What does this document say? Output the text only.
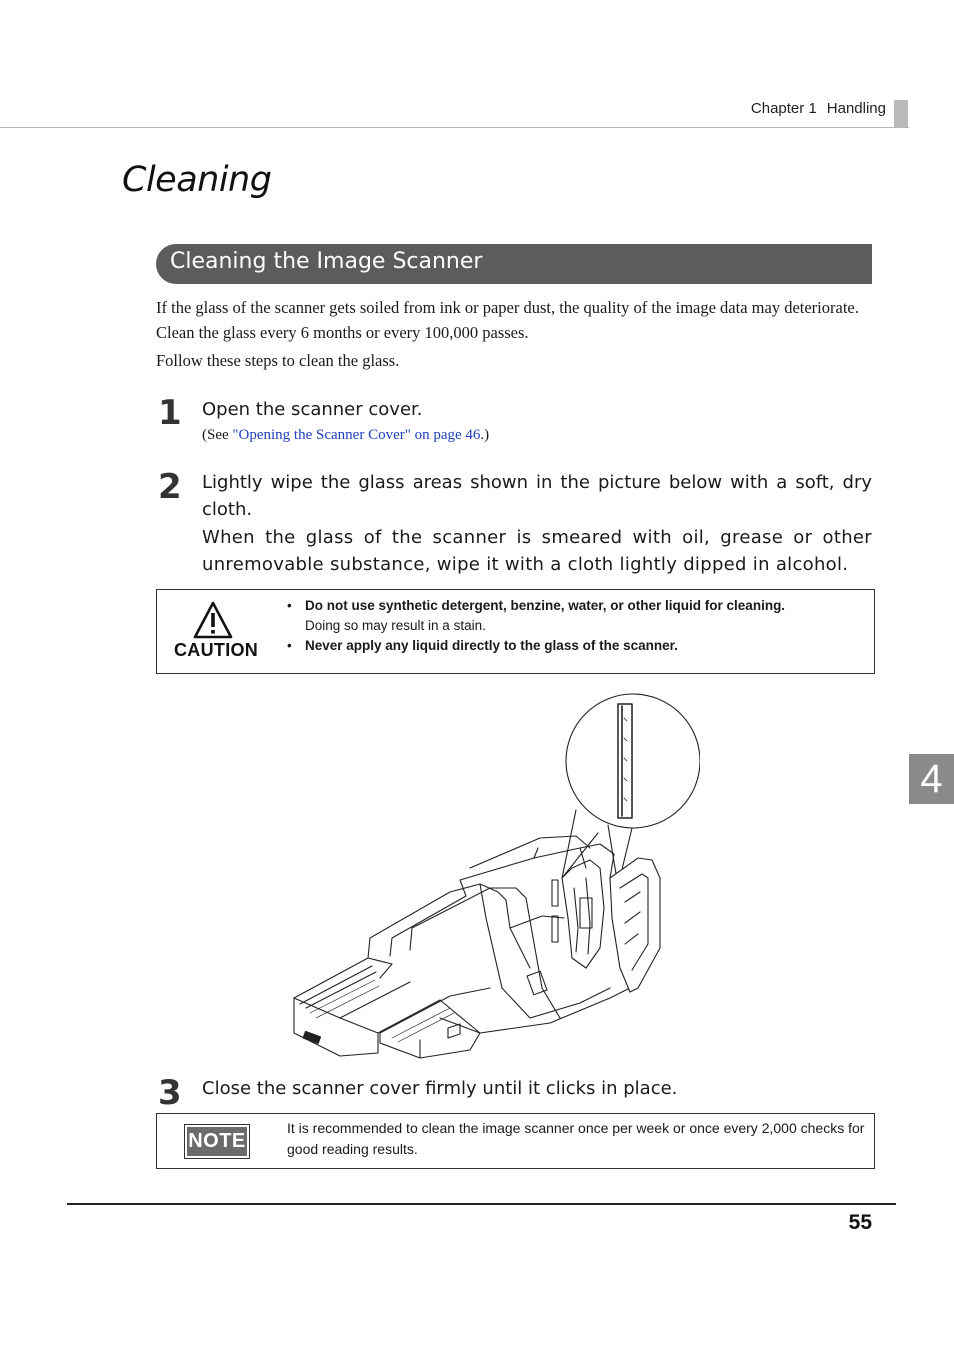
Chapter 1 Handling
4
Cleaning
Cleaning the Image Scanner

If the glass of the scanner gets soiled from ink or paper dust, the quality of the image data may deteriorate. Clean the glass every 6 months or every 100,000 passes.

Follow these steps to clean the glass.

1 Open the scanner cover.
(See "Opening the Scanner Cover" on page 46.)
2 Lightly wipe the glass areas shown in the picture below with a soft, dry cloth.

When the glass of the scanner is smeared with oil, grease or other unremovable substance, wipe it with a cloth lightly dipped in alcohol.

CAUTION
• Do not use synthetic detergent, benzine, water, or other liquid for cleaning.
Doing so may result in a stain.
• Never apply any liquid directly to the glass of the scanner.
3 Close the scanner cover firmly until it clicks in place.
NOTE

It is recommended to clean the image scanner once per week or once every 2,000 checks for good reading results.

55
